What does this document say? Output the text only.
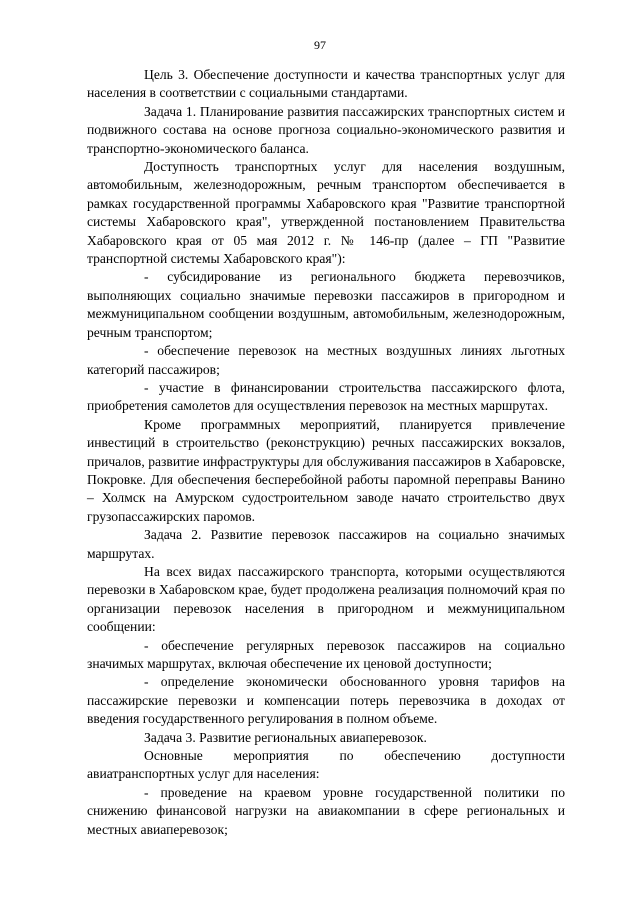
97

Цель 3. Обеспечение доступности и качества транспортных услуг для населения в соответствии с социальными стандартами.

Задача 1. Планирование развития пассажирских транспортных систем и подвижного состава на основе прогноза социально-экономического развития и транспортно-экономического баланса.

Доступность транспортных услуг для населения воздушным, автомобильным, железнодорожным, речным транспортом обеспечивается в рамках государственной программы Хабаровского края "Развитие транспортной системы Хабаровского края", утвержденной постановлением Правительства Хабаровского края от 05 мая 2012 г. № 146-пр (далее – ГП "Развитие транспортной системы Хабаровского края"):

- субсидирование из регионального бюджета перевозчиков, выполняющих социально значимые перевозки пассажиров в пригородном и межмуниципальном сообщении воздушным, автомобильным, железнодорожным, речным транспортом;

- обеспечение перевозок на местных воздушных линиях льготных категорий пассажиров;

- участие в финансировании строительства пассажирского флота, приобретения самолетов для осуществления перевозок на местных маршрутах.

Кроме программных мероприятий, планируется привлечение инвестиций в строительство (реконструкцию) речных пассажирских вокзалов, причалов, развитие инфраструктуры для обслуживания пассажиров в Хабаровске, Покровке. Для обеспечения бесперебойной работы паромной переправы Ванино – Холмск на Амурском судостроительном заводе начато строительство двух грузопассажирских паромов.

Задача 2. Развитие перевозок пассажиров на социально значимых маршрутах.

На всех видах пассажирского транспорта, которыми осуществляются перевозки в Хабаровском крае, будет продолжена реализация полномочий края по организации перевозок населения в пригородном и межмуниципальном сообщении:

- обеспечение регулярных перевозок пассажиров на социально значимых маршрутах, включая обеспечение их ценовой доступности;

- определение экономически обоснованного уровня тарифов на пассажирские перевозки и компенсации потерь перевозчика в доходах от введения государственного регулирования в полном объеме.

Задача 3. Развитие региональных авиаперевозок.

Основные мероприятия по обеспечению доступности авиатранспортных услуг для населения:

- проведение на краевом уровне государственной политики по снижению финансовой нагрузки на авиакомпании в сфере региональных и местных авиаперевозок;
